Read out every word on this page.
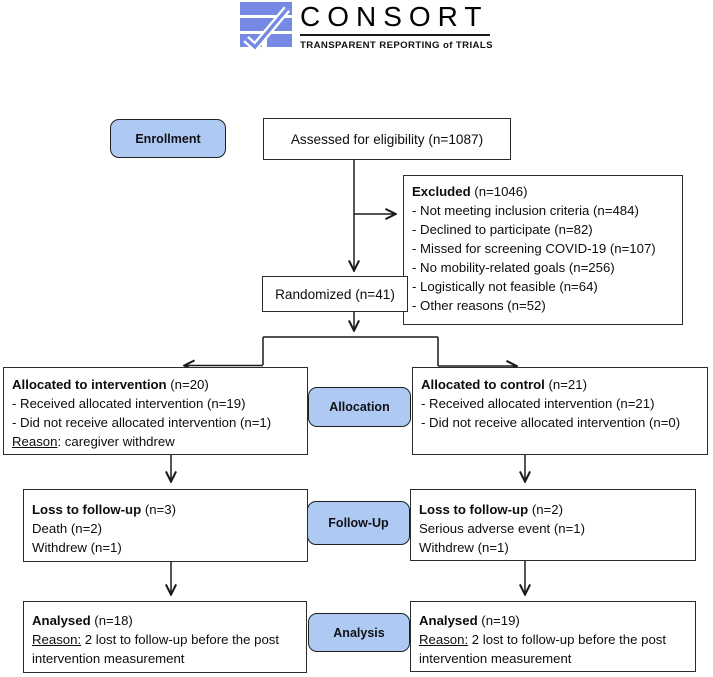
CONSORT
TRANSPARENT REPORTING of TRIALS
Enrollment
Allocation
Follow-Up
Analysis
Assessed for eligibility (n=1087)
Excluded (n=1046)
- Not meeting inclusion criteria (n=484)
- Declined to participate (n=82)
- Missed for screening COVID-19 (n=107)
- No mobility-related goals (n=256)
- Logistically not feasible (n=64)
- Other reasons (n=52)
Randomized (n=41)
Allocated to intervention (n=20)
- Received allocated intervention (n=19)
- Did not receive allocated intervention (n=1)
Reason: caregiver withdrew
Allocated to control (n=21)
- Received allocated intervention (n=21)
- Did not receive allocated intervention (n=0)
Loss to follow-up (n=3)
Death (n=2)
Withdrew (n=1)
Loss to follow-up (n=2)
Serious adverse event (n=1)
Withdrew (n=1)
Analysed (n=18)
Reason: 2 lost to follow-up before the post intervention measurement
Analysed (n=19)
Reason: 2 lost to follow-up before the post intervention measurement
